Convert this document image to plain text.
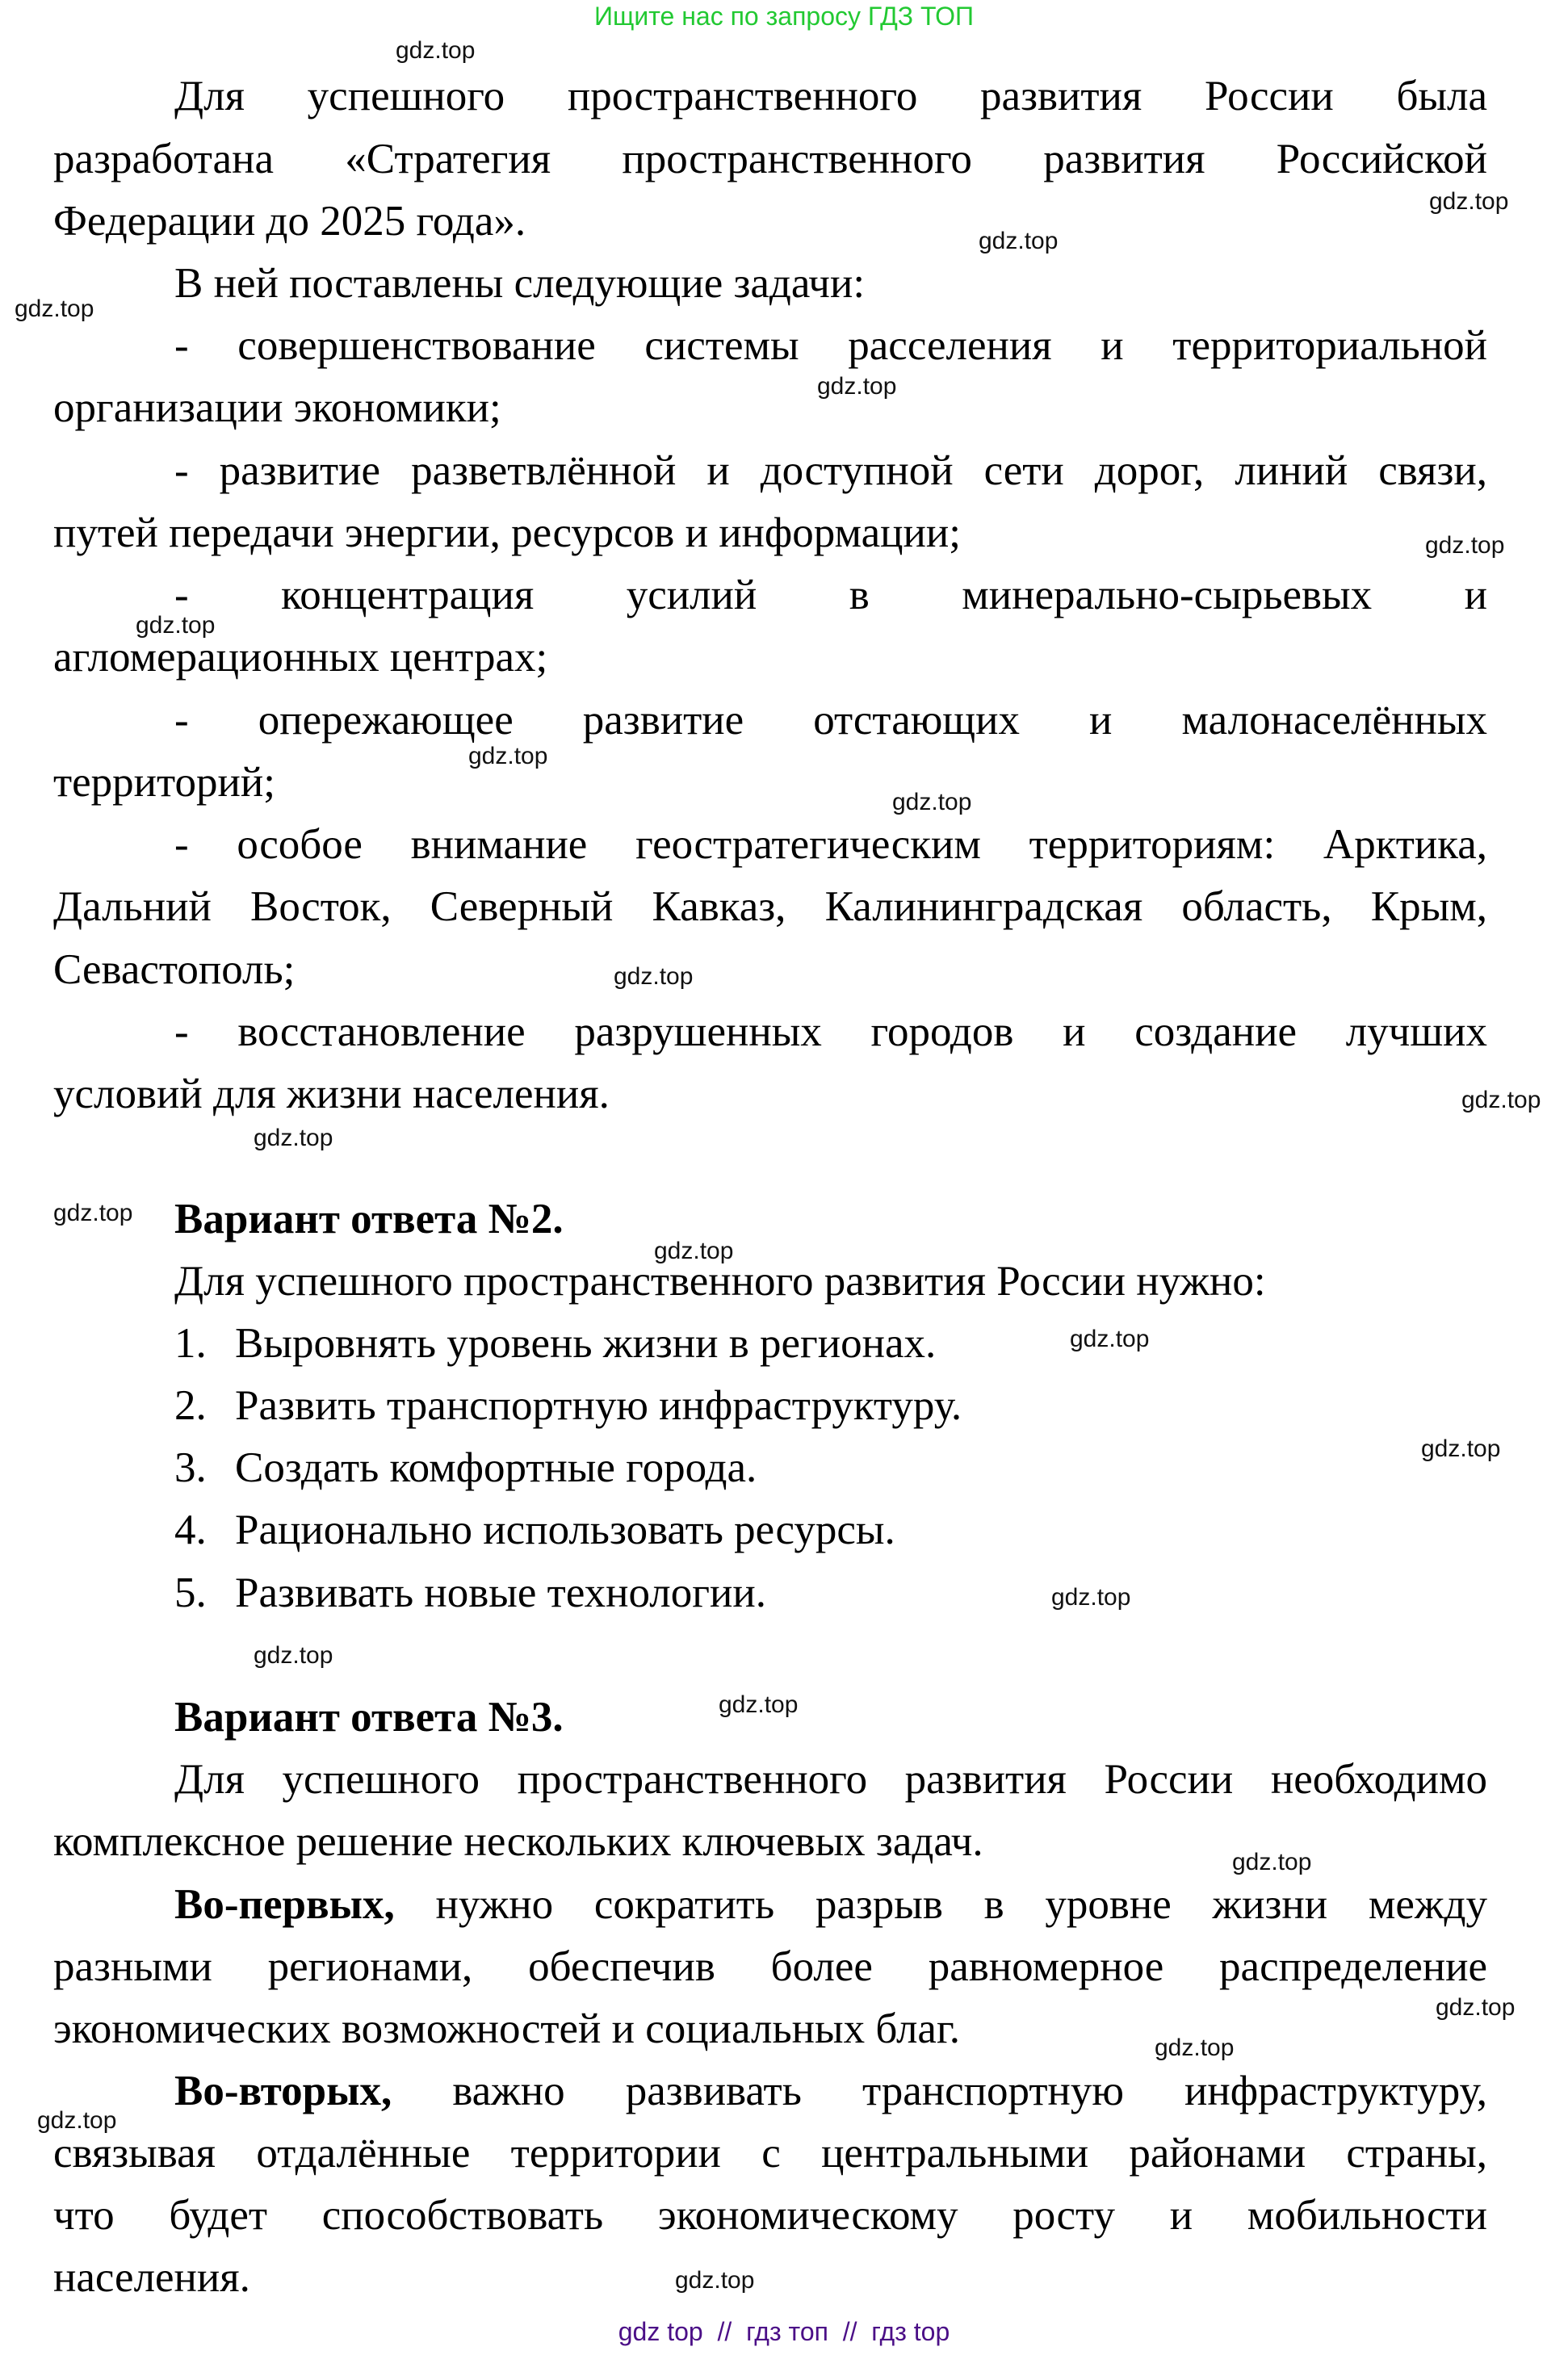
Ищите нас по запросу ГДЗ ТОП
Для успешного пространственного развития России была
разработана «Стратегия пространственного развития Российской
Федерации до 2025 года».
В ней поставлены следующие задачи:
- совершенствование системы расселения и территориальной
организации экономики;
- развитие разветвлённой и доступной сети дорог, линий связи,
путей передачи энергии, ресурсов и информации;
- концентрация усилий в минерально-сырьевых и
агломерационных центрах;
- опережающее развитие отстающих и малонаселённых
территорий;
- особое внимание геостратегическим территориям: Арктика,
Дальний Восток, Северный Кавказ, Калининградская область, Крым,
Севастополь;
- восстановление разрушенных городов и создание лучших
условий для жизни населения.
Вариант ответа №2.
Для успешного пространственного развития России нужно:
1. Выровнять уровень жизни в регионах.
2. Развить транспортную инфраструктуру.
3. Создать комфортные города.
4. Рационально использовать ресурсы.
5. Развивать новые технологии.
Вариант ответа №3.
Для успешного пространственного развития России необходимо
комплексное решение нескольких ключевых задач.
Во-первых, нужно сократить разрыв в уровне жизни между
разными регионами, обеспечив более равномерное распределение
экономических возможностей и социальных благ.
Во-вторых, важно развивать транспортную инфраструктуру,
связывая отдалённые территории с центральными районами страны,
что будет способствовать экономическому росту и мобильности
населения.
gdz.top
gdz.top
gdz.top
gdz.top
gdz.top
gdz.top
gdz.top
gdz.top
gdz.top
gdz.top
gdz.top
gdz.top
gdz.top
gdz.top
gdz.top
gdz.top
gdz.top
gdz.top
gdz.top
gdz.top
gdz.top
gdz.top
gdz.top
gdz.top
gdz top  //  гдз топ  //  гдз top
